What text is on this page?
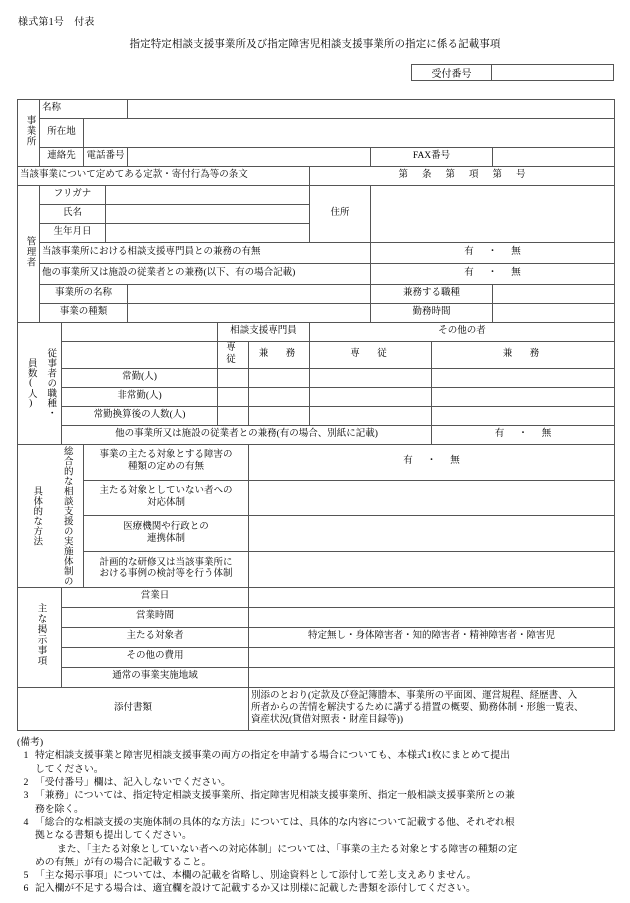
様式第1号　付表
指定特定相談支援事業所及び指定障害児相談支援事業所の指定に係る記載事項
受付番号
事業所	名称										
	所在地										
	連絡先		電話番号						FAX番号		
当該事業について定めてある定款・寄付行為等の条文								第 条 第 項 第 号			
管理者	フリガナ							住所			
	氏名										
	生年月日										
	当該事業所における相談支援専門員との兼務の有無								有 ・ 無		
	他の事業所又は施設の従業者との兼務(以下、有の場合記載)								有 ・ 無		
	事業所の名称								兼務する職種		
	事業の種類								勤務時間		

従事者の職種・
員数(人)						相談支援専門員		その他の者			
						専　従	兼　務	専　従		兼　務	
		常勤(人)									
		非常勤(人)									
		常勤換算後の人数(人)									
		他の事業所又は施設の従業者との兼務(有の場合、別紙に記載)								有 ・ 無	

総合的な相談支援の実施体制の
具体的な方法			事業の主たる対象とする障害の
種類の定めの有無				有 ・ 無				
			主たる対象としていない者への
対応体制								
			医療機関や行政との
連携体制								
			計画的な研修又は当該事業所に
おける事例の検討等を行う体制								
主な掲示事項		営業日									
		営業時間									
		主たる対象者					特定無し・身体障害者・知的障害者・精神障害者・障害児				
		その他の費用									
		通常の事業実施地域									
添付書類							別添のとおり(定款及び登記簿謄本、事業所の平面図、運営規程、経歴書、入
所者からの苦情を解決するために講ずる措置の概要、勤務体制・形態一覧表、
資産状況(貸借対照表・財産目録等))				
(備考)
1 特定相談支援事業と障害児相談支援事業の両方の指定を申請する場合についても、本様式1枚にまとめて提出
してください。
2 「受付番号」欄は、記入しないでください。
3 「兼務」については、指定特定相談支援事業所、指定障害児相談支援事業所、指定一般相談支援事業所との兼
務を除く。
4 「総合的な相談支援の実施体制の具体的な方法」については、具体的な内容について記載する他、それぞれ根
拠となる書類も提出してください。
また、「主たる対象としていない者への対応体制」については、「事業の主たる対象とする障害の種類の定
めの有無」が有の場合に記載すること。
5 「主な掲示事項」については、本欄の記載を省略し、別途資料として添付して差し支えありません。
6 記入欄が不足する場合は、適宜欄を設けて記載するか又は別様に記載した書類を添付してください。
